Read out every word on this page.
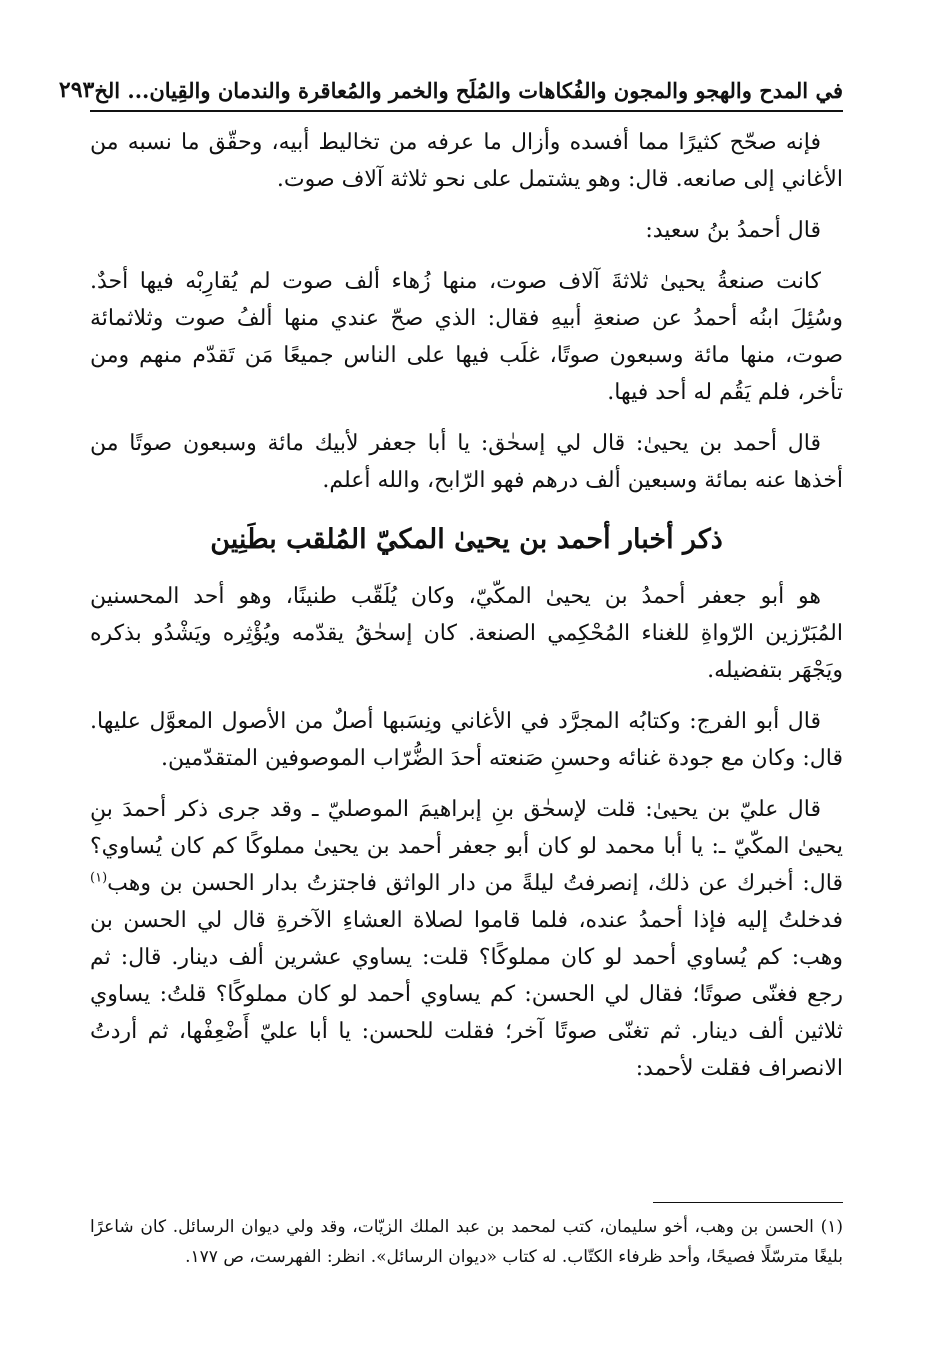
في المدح والهجو والمجون والفُكاهات والمُلَح والخمر والمُعاقرة والندمان والقِيان... الخ
٢٩٣

فإنه صحّح كثيرًا مما أفسده وأزال ما عرفه من تخاليط أبيه، وحقّق ما نسبه من الأغاني إلى صانعه. قال: وهو يشتمل على نحو ثلاثة آلاف صوت.

قال أحمدُ بنُ سعيد:

كانت صنعةُ يحيىٰ ثلاثةَ آلاف صوت، منها زُهاء ألف صوت لم يُقارِبْه فيها أحدٌ. وسُئِلَ ابنُه أحمدُ عن صنعةِ أبيهِ فقال: الذي صحّ عندي منها ألفُ صوت وثلاثمائة صوت، منها مائة وسبعون صوتًا، غلَب فيها على الناس جميعًا مَن تَقدّم منهم ومن تأخر، فلم يَقُم له أحد فيها.

قال أحمد بن يحيىٰ: قال لي إسحٰق: يا أبا جعفر لأبيك مائة وسبعون صوتًا من أخذها عنه بمائة وسبعين ألف درهم فهو الرّابح، والله أعلم.

ذكر أخبار أحمد بن يحيىٰ المكيّ المُلقب بطَنِين

هو أبو جعفر أحمدُ بن يحيىٰ المكّيّ، وكان يُلَقّب طنينًا، وهو أحد المحسنين المُبَرّزين الرّواةِ للغناء المُحْكِمي الصنعة. كان إسحٰقُ يقدّمه ويُؤْثِره ويَشْدُو بذكره ويَجْهَر بتفضيله.

قال أبو الفرج: وكتابُه المجرَّد في الأغاني ونِسَبها أصلٌ من الأصول المعوَّل عليها. قال: وكان مع جودة غنائه وحسنِ صَنعته أحدَ الضُّرّاب الموصوفين المتقدّمين.

قال عليّ بن يحيىٰ: قلت لإسحٰق بنِ إبراهيمَ الموصليّ ـ وقد جرى ذكر أحمدَ بنِ يحيىٰ المكّيّ ـ: يا أبا محمد لو كان أبو جعفر أحمد بن يحيىٰ مملوكًا كم كان يُساوي؟ قال: أخبرك عن ذلك، إنصرفتُ ليلةً من دار الواثق فاجتزتُ بدار الحسن بن وهب$^{(١)}$ فدخلتُ إليه فإذا أحمدُ عنده، فلما قاموا لصلاة العشاءِ الآخرةِ قال لي الحسن بن وهب: كم يُساوي أحمد لو كان مملوكًا؟ قلت: يساوي عشرين ألف دينار. قال: ثم رجع فغنّى صوتًا؛ فقال لي الحسن: كم يساوي أحمد لو كان مملوكًا؟ قلتُ: يساوي ثلاثين ألف دينار. ثم تغنّى صوتًا آخر؛ فقلت للحسن: يا أبا عليّ أَضْعِفْها، ثم أردتُ الانصراف فقلت لأحمد:

(١) الحسن بن وهب، أخو سليمان، كتب لمحمد بن عبد الملك الزيّات، وقد ولي ديوان الرسائل. كان شاعرًا بليغًا مترسّلًا فصيحًا، وأحد ظرفاء الكتّاب. له كتاب «ديوان الرسائل». انظر: الفهرست، ص ١٧٧.
